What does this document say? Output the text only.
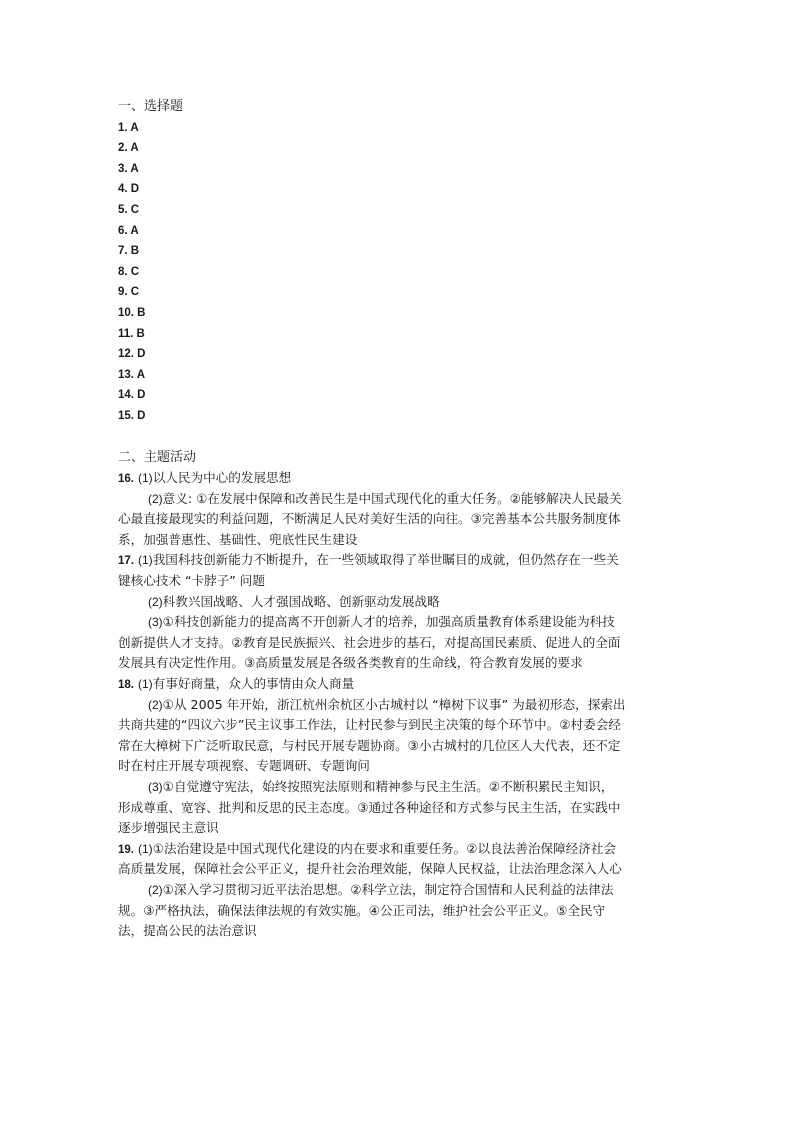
一、选择题
1. A
2. A
3. A
4. D
5. C
6. A
7. B
8. C
9. C
10. B
11. B
12. D
13. A
14. D
15. D
二、主题活动
16. (1)以人民为中心的发展思想
(2)意义: ①在发展中保障和改善民生是中国式现代化的重大任务。②能够解决人民最关
心最直接最现实的利益问题，不断满足人民对美好生活的向往。③完善基本公共服务制度体
系，加强普惠性、基础性、兜底性民生建设
17. (1)我国科技创新能力不断提升，在一些领域取得了举世瞩目的成就，但仍然存在一些关
键核心技术 “卡脖子” 问题
(2)科教兴国战略、人才强国战略、创新驱动发展战略
(3)①科技创新能力的提高离不开创新人才的培养，加强高质量教育体系建设能为科技
创新提供人才支持。②教育是民族振兴、社会进步的基石，对提高国民素质、促进人的全面
发展具有决定性作用。③高质量发展是各级各类教育的生命线，符合教育发展的要求
18. (1)有事好商量，众人的事情由众人商量
(2)①从 2005 年开始，浙江杭州余杭区小古城村以 “樟树下议事” 为最初形态，探索出
共商共建的“四议六步”民主议事工作法，让村民参与到民主决策的每个环节中。②村委会经
常在大樟树下广泛听取民意，与村民开展专题协商。③小古城村的几位区人大代表，还不定
时在村庄开展专项视察、专题调研、专题询问
(3)①自觉遵守宪法，始终按照宪法原则和精神参与民主生活。②不断积累民主知识，
形成尊重、宽容、批判和反思的民主态度。③通过各种途径和方式参与民主生活，在实践中
逐步增强民主意识
19. (1)①法治建设是中国式现代化建设的内在要求和重要任务。②以良法善治保障经济社会
高质量发展，保障社会公平正义，提升社会治理效能，保障人民权益，让法治理念深入人心
(2)①深入学习贯彻习近平法治思想。②科学立法，制定符合国情和人民利益的法律法
规。③严格执法，确保法律法规的有效实施。④公正司法，维护社会公平正义。⑤全民守
法，提高公民的法治意识
